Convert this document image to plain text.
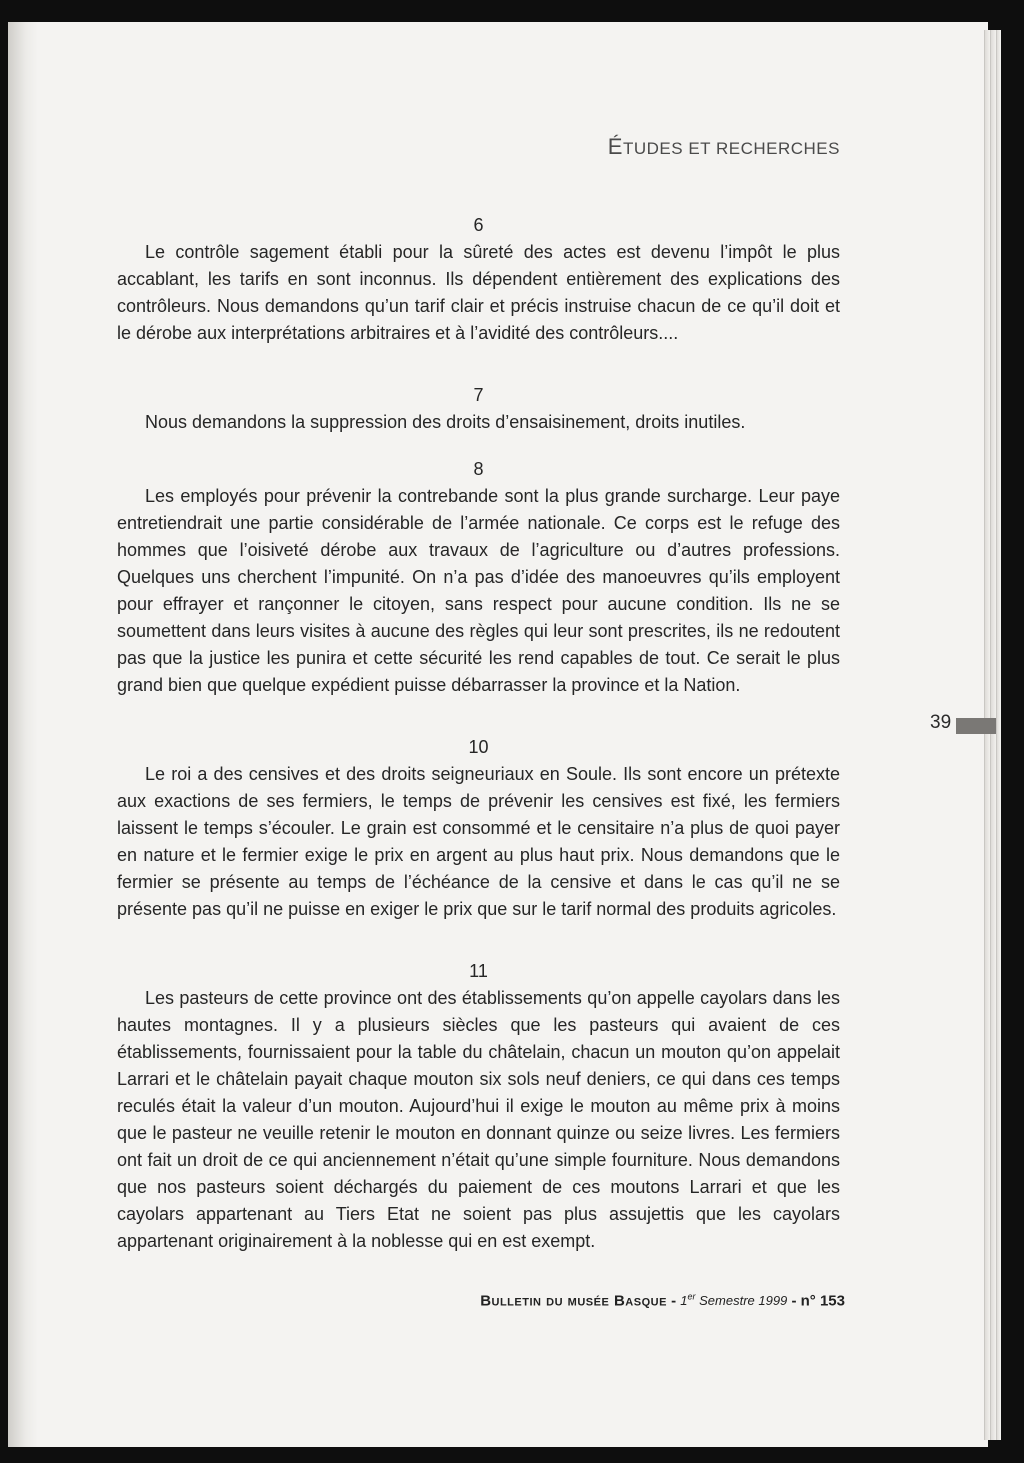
ÉTUDES ET RECHERCHES

6

Le contrôle sagement établi pour la sûreté des actes est devenu l’impôt le plus accablant, les tarifs en sont inconnus. Ils dépendent entièrement des explications des contrôleurs. Nous demandons qu’un tarif clair et précis instruise chacun de ce qu’il doit et le dérobe aux interprétations arbitraires et à l’avidité des contrôleurs....

7

Nous demandons la suppression des droits d’ensaisinement, droits inutiles.

8

Les employés pour prévenir la contrebande sont la plus grande surcharge. Leur paye entretiendrait une partie considérable de l’armée nationale. Ce corps est le refuge des hommes que l’oisiveté dérobe aux travaux de l’agriculture ou d’autres professions. Quelques uns cherchent l’impunité. On n’a pas d’idée des manoeuvres qu’ils employent pour effrayer et rançonner le citoyen, sans respect pour aucune condition. Ils ne se soumettent dans leurs visites à aucune des règles qui leur sont prescrites, ils ne redoutent pas que la justice les punira et cette sécurité les rend capables de tout. Ce serait le plus grand bien que quelque expédient puisse débarrasser la province et la Nation.

10

Le roi a des censives et des droits seigneuriaux en Soule. Ils sont encore un prétexte aux exactions de ses fermiers, le temps de prévenir les censives est fixé, les fermiers laissent le temps s’écouler. Le grain est consommé et le censitaire n’a plus de quoi payer en nature et le fermier exige le prix en argent au plus haut prix. Nous demandons que le fermier se présente au temps de l’échéance de la censive et dans le cas qu’il ne se présente pas qu’il ne puisse en exiger le prix que sur le tarif normal des produits agricoles.

11

Les pasteurs de cette province ont des établissements qu’on appelle cayolars dans les hautes montagnes. Il y a plusieurs siècles que les pasteurs qui avaient de ces établissements, fournissaient pour la table du châtelain, chacun un mouton qu’on appelait Larrari et le châtelain payait chaque mouton six sols neuf deniers, ce qui dans ces temps reculés était la valeur d’un mouton. Aujourd’hui il exige le mouton au même prix à moins que le pasteur ne veuille retenir le mouton en donnant quinze ou seize livres. Les fermiers ont fait un droit de ce qui anciennement n’était qu’une simple fourniture. Nous demandons que nos pasteurs soient déchargés du paiement de ces moutons Larrari et que les cayolars appartenant au Tiers Etat ne soient pas plus assujettis que les cayolars appartenant originairement à la noblesse qui en est exempt.

39
Bulletin du musée Basque - 1er Semestre 1999 - n° 153
